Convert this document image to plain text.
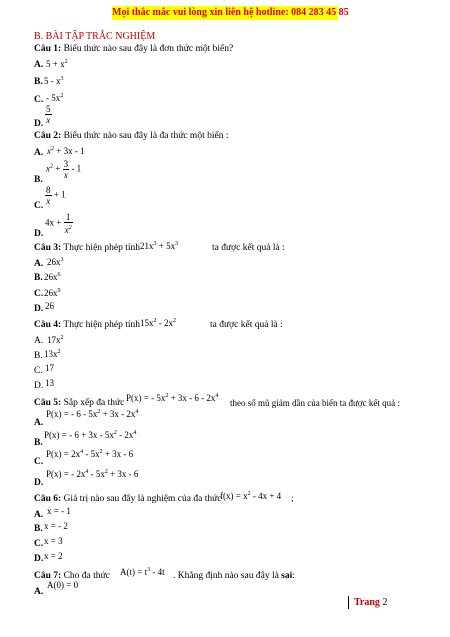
Mọi thắc mắc vui lòng xin liên hệ hotline: 084 283 45 85
B. BÀI TẬP TRẮC NGHIỆM
Câu 1: Biểu thức nào sau đây là đơn thức một biến?
A. $5 + x^2$
B. $5 - x^3$
C. - $5x^2$
D. $\frac{5}{x}$
Câu 2: Biểu thức nào sau đây là đa thức một biến :
A. $x^2 + 3x - 1$
B.
$x^2 + \frac{3}{x} - 1$
C. $\frac{8}{x} + 1$
D.
$4x + \frac{1}{x^2}$
Câu 3: Thực hiện phép tính $21x^3 + 5x^3$	ta được kết quả là :
A. $26x^3$
B. $26x^6$
C. $26x^9$
D. 26
Câu 4: Thực hiện phép tính $15x^2 - 2x^2$	ta được kết quả là :
A. $17x^2$
B. $13x^2$
C. 17
D. 13
Câu 5: Sắp xếp đa thức P(x) = - $5x^2 + 3x - 6 - 2x^4$
theo số mũ giảm dần của biến ta được kết quả :
A.
P(x) = - $6 - 5x^2 + 3x - 2x^4$
B.
P(x) = - $6 + 3x - 5x^2 - 2x^4$
C.
$P(x) = 2x^4 - 5x^2 + 3x - 6$
D.
P(x) = - $2x^4 - 5x^2 + 3x - 6$
Câu 6: Giá trị nào sau đây là nghiệm của đa thức
$f(x) = x^2 - 4x + 4$ ;
A. x = - 1
B. x = - 2
C. x = 3
D. x = 2
Câu 7: Cho đa thức $A(t) = t^3 - 4t$ . Khẳng định nào sau đây là sai:
A.
A(0) = 0
Trang 2
